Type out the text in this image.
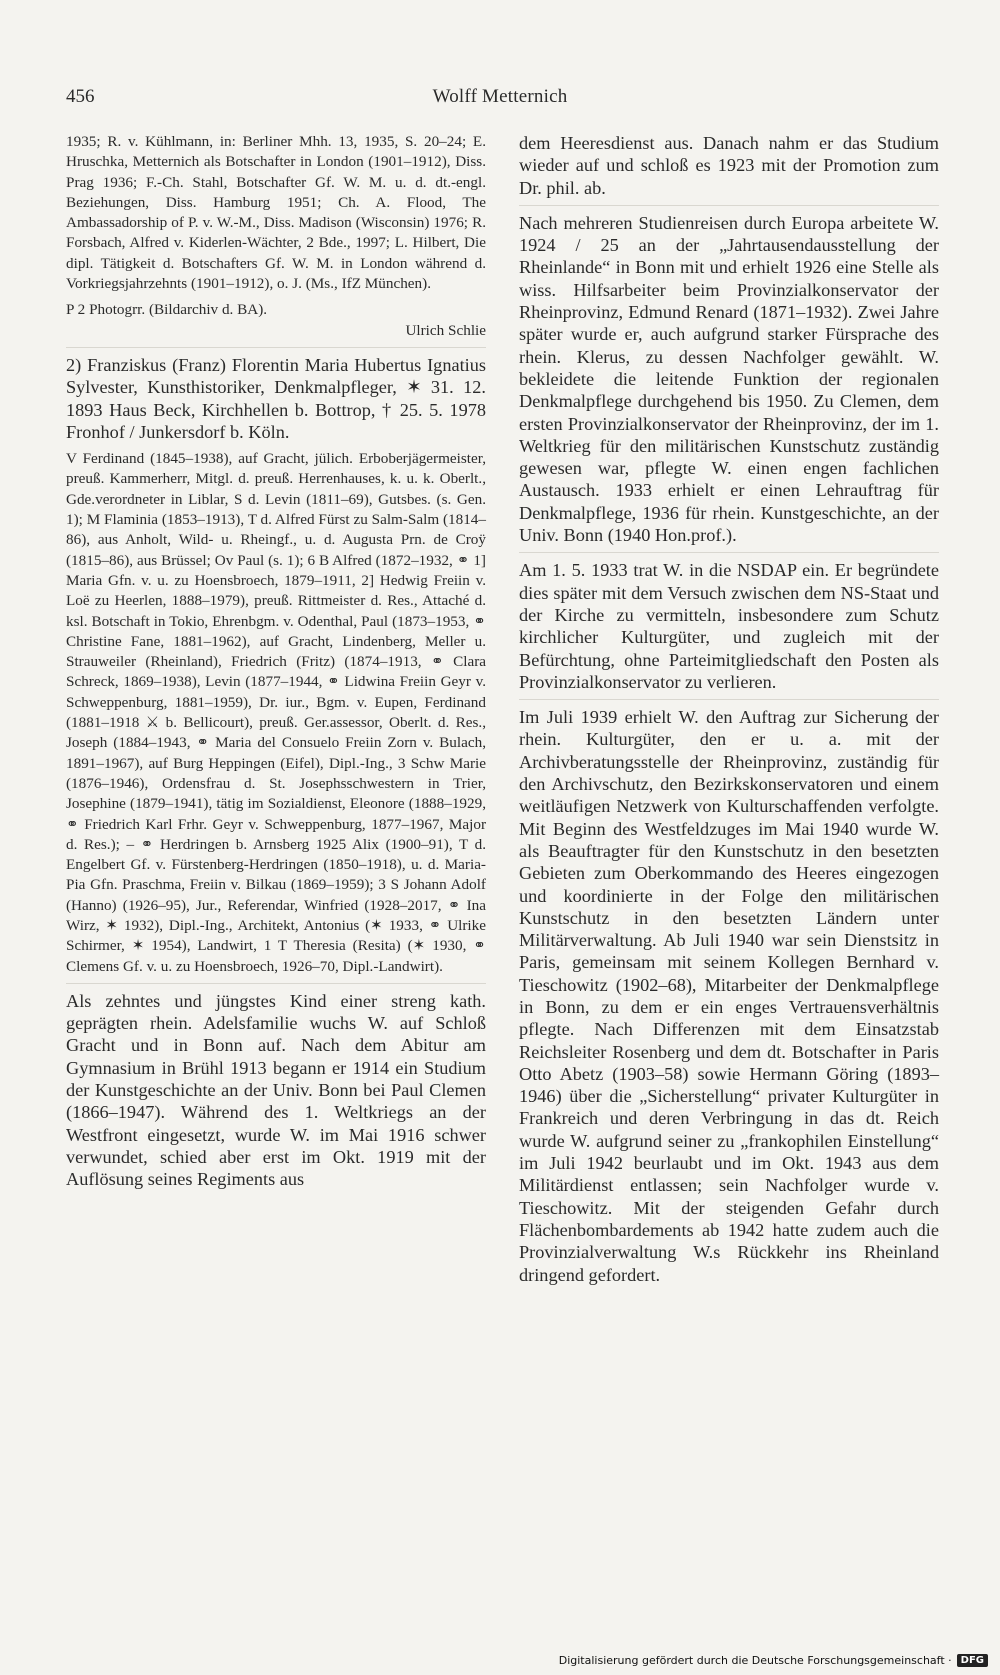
456	Wolff Metternich

1935; R. v. Kühlmann, in: Berliner Mhh. 13, 1935, S. 20–24; E. Hruschka, Metternich als Botschafter in London (1901–1912), Diss. Prag 1936; F.-Ch. Stahl, Botschafter Gf. W. M. u. d. dt.-engl. Beziehungen, Diss. Hamburg 1951; Ch. A. Flood, The Ambassadorship of P. v. W.-M., Diss. Madison (Wisconsin) 1976; R. Forsbach, Alfred v. Kiderlen-Wächter, 2 Bde., 1997; L. Hilbert, Die dipl. Tätigkeit d. Botschafters Gf. W. M. in London während d. Vorkriegsjahrzehnts (1901–1912), o. J. (Ms., IfZ München).

P 2 Photogrr. (Bildarchiv d. BA).

Ulrich Schlie

2) Franziskus (Franz) Florentin Maria Hubertus Ignatius Sylvester, Kunsthistoriker, Denkmalpfleger, ✶ 31. 12. 1893 Haus Beck, Kirchhellen b. Bottrop, † 25. 5. 1978 Fronhof / Junkersdorf b. Köln.

V Ferdinand (1845–1938), auf Gracht, jülich. Erboberjägermeister, preuß. Kammerherr, Mitgl. d. preuß. Herrenhauses, k. u. k. Oberlt., Gde.verordneter in Liblar, S d. Levin (1811–69), Gutsbes. (s. Gen. 1); M Flaminia (1853–1913), T d. Alfred Fürst zu Salm-Salm (1814–86), aus Anholt, Wild- u. Rheingf., u. d. Augusta Prn. de Croÿ (1815–86), aus Brüssel; Ov Paul (s. 1); 6 B Alfred (1872–1932, ⚭ 1] Maria Gfn. v. u. zu Hoensbroech, 1879–1911, 2] Hedwig Freiin v. Loë zu Heerlen, 1888–1979), preuß. Rittmeister d. Res., Attaché d. ksl. Botschaft in Tokio, Ehrenbgm. v. Odenthal, Paul (1873–1953, ⚭ Christine Fane, 1881–1962), auf Gracht, Lindenberg, Meller u. Strauweiler (Rheinland), Friedrich (Fritz) (1874–1913, ⚭ Clara Schreck, 1869–1938), Levin (1877–1944, ⚭ Lidwina Freiin Geyr v. Schweppenburg, 1881–1959), Dr. iur., Bgm. v. Eupen, Ferdinand (1881–1918 ⚔ b. Bellicourt), preuß. Ger.assessor, Oberlt. d. Res., Joseph (1884–1943, ⚭ Maria del Consuelo Freiin Zorn v. Bulach, 1891–1967), auf Burg Heppingen (Eifel), Dipl.-Ing., 3 Schw Marie (1876–1946), Ordensfrau d. St. Josephsschwestern in Trier, Josephine (1879–1941), tätig im Sozialdienst, Eleonore (1888–1929, ⚭ Friedrich Karl Frhr. Geyr v. Schweppenburg, 1877–1967, Major d. Res.); – ⚭ Herdringen b. Arnsberg 1925 Alix (1900–91), T d. Engelbert Gf. v. Fürstenberg-Herdringen (1850–1918), u. d. Maria-Pia Gfn. Praschma, Freiin v. Bilkau (1869–1959); 3 S Johann Adolf (Hanno) (1926–95), Jur., Referendar, Winfried (1928–2017, ⚭ Ina Wirz, ✶ 1932), Dipl.-Ing., Architekt, Antonius (✶ 1933, ⚭ Ulrike Schirmer, ✶ 1954), Landwirt, 1 T Theresia (Resita) (✶ 1930, ⚭ Clemens Gf. v. u. zu Hoensbroech, 1926–70, Dipl.-Landwirt).

Als zehntes und jüngstes Kind einer streng kath. geprägten rhein. Adelsfamilie wuchs W. auf Schloß Gracht und in Bonn auf. Nach dem Abitur am Gymnasium in Brühl 1913 begann er 1914 ein Studium der Kunstgeschichte an der Univ. Bonn bei Paul Clemen (1866–1947). Während des 1. Weltkriegs an der Westfront eingesetzt, wurde W. im Mai 1916 schwer verwundet, schied aber erst im Okt. 1919 mit der Auflösung seines Regiments aus

dem Heeresdienst aus. Danach nahm er das Studium wieder auf und schloß es 1923 mit der Promotion zum Dr. phil. ab.

Nach mehreren Studienreisen durch Europa arbeitete W. 1924 / 25 an der „Jahrtausendausstellung der Rheinlande“ in Bonn mit und erhielt 1926 eine Stelle als wiss. Hilfsarbeiter beim Provinzialkonservator der Rheinprovinz, Edmund Renard (1871–1932). Zwei Jahre später wurde er, auch aufgrund starker Fürsprache des rhein. Klerus, zu dessen Nachfolger gewählt. W. bekleidete die leitende Funktion der regionalen Denkmalpflege durchgehend bis 1950. Zu Clemen, dem ersten Provinzialkonservator der Rheinprovinz, der im 1. Weltkrieg für den militärischen Kunstschutz zuständig gewesen war, pflegte W. einen engen fachlichen Austausch. 1933 erhielt er einen Lehrauftrag für Denkmalpflege, 1936 für rhein. Kunstgeschichte, an der Univ. Bonn (1940 Hon.prof.).

Am 1. 5. 1933 trat W. in die NSDAP ein. Er begründete dies später mit dem Versuch zwischen dem NS-Staat und der Kirche zu vermitteln, insbesondere zum Schutz kirchlicher Kulturgüter, und zugleich mit der Befürchtung, ohne Parteimitgliedschaft den Posten als Provinzialkonservator zu verlieren.

Im Juli 1939 erhielt W. den Auftrag zur Sicherung der rhein. Kulturgüter, den er u. a. mit der Archivberatungsstelle der Rheinprovinz, zuständig für den Archivschutz, den Bezirkskonservatoren und einem weitläufigen Netzwerk von Kulturschaffenden verfolgte. Mit Beginn des Westfeldzuges im Mai 1940 wurde W. als Beauftragter für den Kunstschutz in den besetzten Gebieten zum Oberkommando des Heeres eingezogen und koordinierte in der Folge den militärischen Kunstschutz in den besetzten Ländern unter Militärverwaltung. Ab Juli 1940 war sein Dienstsitz in Paris, gemeinsam mit seinem Kollegen Bernhard v. Tieschowitz (1902–68), Mitarbeiter der Denkmalpflege in Bonn, zu dem er ein enges Vertrauensverhältnis pflegte. Nach Differenzen mit dem Einsatzstab Reichsleiter Rosenberg und dem dt. Botschafter in Paris Otto Abetz (1903–58) sowie Hermann Göring (1893–1946) über die „Sicherstellung“ privater Kulturgüter in Frankreich und deren Verbringung in das dt. Reich wurde W. aufgrund seiner zu „frankophilen Einstellung“ im Juli 1942 beurlaubt und im Okt. 1943 aus dem Militärdienst entlassen; sein Nachfolger wurde v. Tieschowitz. Mit der steigenden Gefahr durch Flächenbombardements ab 1942 hatte zudem auch die Provinzialverwaltung W.s Rückkehr ins Rheinland dringend gefordert.

Digitalisierung gefördert durch die Deutsche Forschungsgemeinschaft · DFG
